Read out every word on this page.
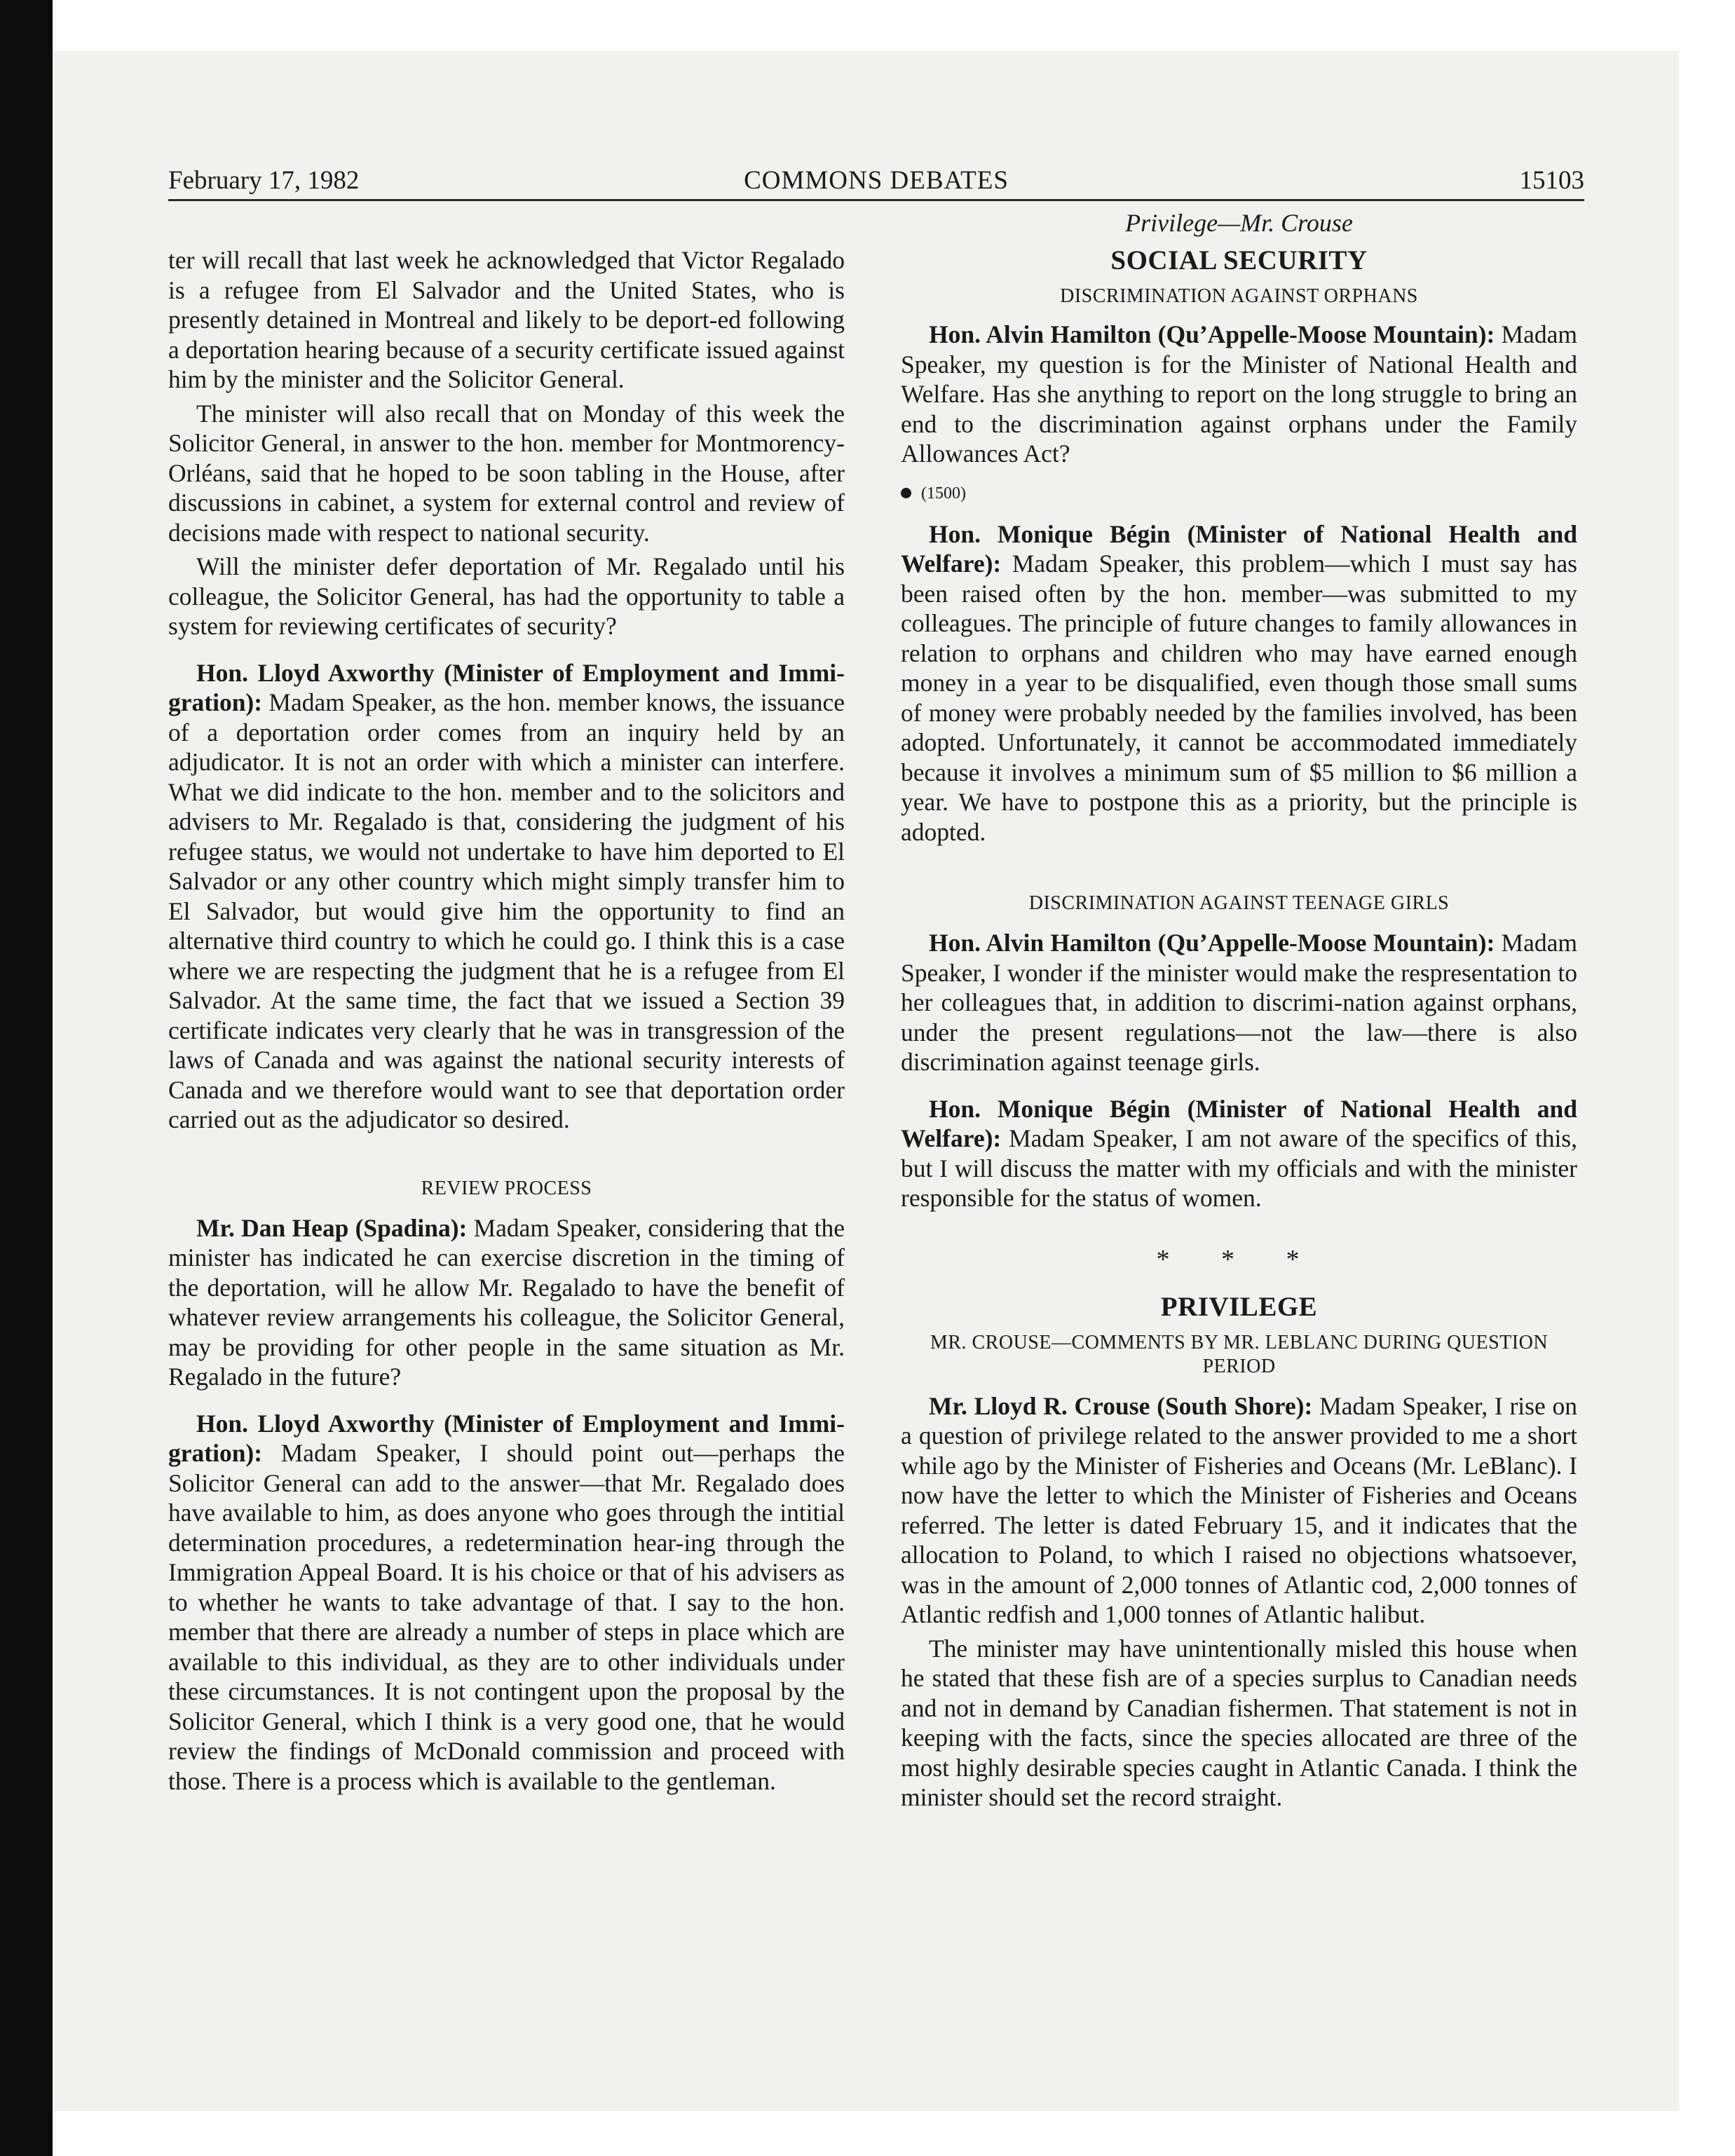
February 17, 1982	COMMONS DEBATES	15103

ter will recall that last week he acknowledged that Victor Regalado is a refugee from El Salvador and the United States, who is presently detained in Montreal and likely to be deport-ed following a deportation hearing because of a security certificate issued against him by the minister and the Solicitor General.

The minister will also recall that on Monday of this week the Solicitor General, in answer to the hon. member for Montmorency-Orléans, said that he hoped to be soon tabling in the House, after discussions in cabinet, a system for external control and review of decisions made with respect to national security.

Will the minister defer deportation of Mr. Regalado until his colleague, the Solicitor General, has had the opportunity to table a system for reviewing certificates of security?

Hon. Lloyd Axworthy (Minister of Employment and Immi-gration): Madam Speaker, as the hon. member knows, the issuance of a deportation order comes from an inquiry held by an adjudicator. It is not an order with which a minister can interfere. What we did indicate to the hon. member and to the solicitors and advisers to Mr. Regalado is that, considering the judgment of his refugee status, we would not undertake to have him deported to El Salvador or any other country which might simply transfer him to El Salvador, but would give him the opportunity to find an alternative third country to which he could go. I think this is a case where we are respecting the judgment that he is a refugee from El Salvador. At the same time, the fact that we issued a Section 39 certificate indicates very clearly that he was in transgression of the laws of Canada and was against the national security interests of Canada and we therefore would want to see that deportation order carried out as the adjudicator so desired.

REVIEW PROCESS

Mr. Dan Heap (Spadina): Madam Speaker, considering that the minister has indicated he can exercise discretion in the timing of the deportation, will he allow Mr. Regalado to have the benefit of whatever review arrangements his colleague, the Solicitor General, may be providing for other people in the same situation as Mr. Regalado in the future?

Hon. Lloyd Axworthy (Minister of Employment and Immi-gration): Madam Speaker, I should point out—perhaps the Solicitor General can add to the answer—that Mr. Regalado does have available to him, as does anyone who goes through the intitial determination procedures, a redetermination hear-ing through the Immigration Appeal Board. It is his choice or that of his advisers as to whether he wants to take advantage of that. I say to the hon. member that there are already a number of steps in place which are available to this individual, as they are to other individuals under these circumstances. It is not contingent upon the proposal by the Solicitor General, which I think is a very good one, that he would review the findings of McDonald commission and proceed with those. There is a process which is available to the gentleman.

Privilege—Mr. Crouse
SOCIAL SECURITY
DISCRIMINATION AGAINST ORPHANS

Hon. Alvin Hamilton (Qu’Appelle-Moose Mountain): Madam Speaker, my question is for the Minister of National Health and Welfare. Has she anything to report on the long struggle to bring an end to the discrimination against orphans under the Family Allowances Act?

(1500)

Hon. Monique Bégin (Minister of National Health and Welfare): Madam Speaker, this problem—which I must say has been raised often by the hon. member—was submitted to my colleagues. The principle of future changes to family allowances in relation to orphans and children who may have earned enough money in a year to be disqualified, even though those small sums of money were probably needed by the families involved, has been adopted. Unfortunately, it cannot be accommodated immediately because it involves a minimum sum of $5 million to $6 million a year. We have to postpone this as a priority, but the principle is adopted.

DISCRIMINATION AGAINST TEENAGE GIRLS

Hon. Alvin Hamilton (Qu’Appelle-Moose Mountain): Madam Speaker, I wonder if the minister would make the respresentation to her colleagues that, in addition to discrimi-nation against orphans, under the present regulations—not the law—there is also discrimination against teenage girls.

Hon. Monique Bégin (Minister of National Health and Welfare): Madam Speaker, I am not aware of the specifics of this, but I will discuss the matter with my officials and with the minister responsible for the status of women.

* * *
PRIVILEGE
MR. CROUSE—COMMENTS BY MR. LEBLANC DURING QUESTION PERIOD

Mr. Lloyd R. Crouse (South Shore): Madam Speaker, I rise on a question of privilege related to the answer provided to me a short while ago by the Minister of Fisheries and Oceans (Mr. LeBlanc). I now have the letter to which the Minister of Fisheries and Oceans referred. The letter is dated February 15, and it indicates that the allocation to Poland, to which I raised no objections whatsoever, was in the amount of 2,000 tonnes of Atlantic cod, 2,000 tonnes of Atlantic redfish and 1,000 tonnes of Atlantic halibut.

The minister may have unintentionally misled this house when he stated that these fish are of a species surplus to Canadian needs and not in demand by Canadian fishermen. That statement is not in keeping with the facts, since the species allocated are three of the most highly desirable species caught in Atlantic Canada. I think the minister should set the record straight.
